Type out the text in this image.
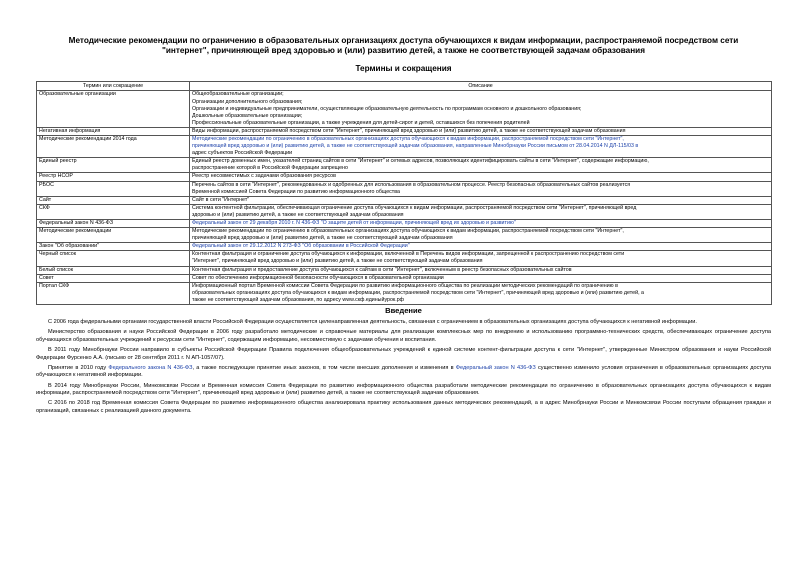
Методические рекомендации по ограничению в образовательных организациях доступа обучающихся к видам информации, распространяемой посредством сети
"интернет", причиняющей вред здоровью и (или) развитию детей, а также не соответствующей задачам образования
Термины и сокращения
Термин или сокращение	Описание
Образовательные организации	Общеобразовательные организации;
Организации дополнительного образования;
Организации и индивидуальные предприниматели, осуществляющие образовательную деятельность по программам основного и дошкольного образования;
Дошкольные образовательные организации;
Профессиональные образовательные организации, а также учреждения для детей-сирот и детей, оставшихся без попечения родителей

Негативная информация	Виды информации, распространяемой посредством сети "Интернет", причиняющей вред здоровью и (или) развитию детей, а также не соответствующей задачам образования

Методические рекомендации 2014 года	Методические рекомендации по ограничению в образовательных организациях доступа обучающихся к видам информации, распространяемой посредством сети "Интернет",
причиняющей вред здоровью и (или) развитию детей, а также не соответствующей задачам образования, направленные Минобрнауки России письмом от 28.04.2014 N ДЛ-115/03 в
адрес субъектов Российской Федерации

Единый реестр	Единый реестр доменных имен, указателей страниц сайтов в сети "Интернет" и сетевых адресов, позволяющих идентифицировать сайты в сети "Интернет", содержащие информацию,
распространение которой в Российской Федерации запрещено

Реестр НСОР	Реестр несовместимых с задачами образования ресурсов

РБОС	Перечень сайтов в сети "Интернет", рекомендованных и одобренных для использования в образовательном процессе. Реестр безопасных образовательных сайтов реализуется
Временной комиссией Совета Федерации по развитию информационного общества

Сайт	Сайт в сети "Интернет"

СКФ	Система контентной фильтрации, обеспечивающая ограничение доступа обучающихся к видам информации, распространяемой посредством сети "Интернет", причиняющей вред
здоровью и (или) развитию детей, а также не соответствующей задачам образования

Федеральный закон N 436-ФЗ	Федеральный закон от 29 декабря 2010 г. N 436-ФЗ "О защите детей от информации, причиняющей вред их здоровью и развитию"

Методические рекомендации	Методические рекомендации по ограничению в образовательных организациях доступа обучающихся к видам информации, распространяемой посредством сети "Интернет",
причиняющей вред здоровью и (или) развитию детей, а также не соответствующей задачам образования

Закон "Об образовании"	Федеральный закон от 29.12.2012 N 273-ФЗ "Об образовании в Российской Федерации"

Черный список	Контентная фильтрация и ограничение доступа обучающихся к информации, включенной в Перечень видов информации, запрещенной к распространению посредством сети
"Интернет", причиняющей вред здоровью и (или) развитию детей, а также не соответствующей задачам образования

Белый список	Контентная фильтрация и предоставление доступа обучающихся к сайтам в сети "Интернет", включенным в реестр безопасных образовательных сайтов

Совет	Совет по обеспечению информационной безопасности обучающихся в образовательной организации

Портал СКФ	Информационный портал Временной комиссии Совета Федерации по развитию информационного общества по реализации методических рекомендаций по ограничению в
образовательных организациях доступа обучающихся к видам информации, распространяемой посредством сети "Интернет", причиняющей вред здоровью и (или) развитию детей, а
также не соответствующей задачам образования, по адресу www.скф.единыйурок.рф
Введение

С 2006 года федеральными органами государственной власти Российской Федерации осуществляется целенаправленная деятельность, связанная с ограничением в образовательных организациях доступа обучающихся к негативной информации.

Министерство образования и науки Российской Федерации в 2006 году разработало методические и справочные материалы для реализации комплексных мер по внедрению и использованию программно-технических средств, обеспечивающих ограничение доступа обучающихся образовательных учреждений к ресурсам сети "Интернет", содержащим информацию, несовместимую с задачами обучения и воспитания.

В 2011 году Минобрнауки России направило в субъекты Российской Федерации Правила подключения общеобразовательных учреждений к единой системе контент-фильтрации доступа к сети "Интернет", утвержденные Министром образования и науки Российской Федерации Фурсенко А.А. (письмо от 28 сентября 2011 г. N АП-1057/07).

Принятие в 2010 году Федерального закона N 436-ФЗ, а также последующие принятие иных законов, в том числе внесших дополнения и изменения в Федеральный закон N 436-ФЗ существенно изменило условия ограничения в образовательных организациях доступа обучающихся к негативной информации.

В 2014 году Минобрнауки России, Минкомсвязи России и Временная комиссия Совета Федерации по развитию информационного общества разработали методические рекомендации по ограничению в образовательных организациях доступа обучающихся к видам информации, распространяемой посредством сети "Интернет", причиняющей вред здоровью и (или) развитию детей, а также не соответствующей задачам образования.

С 2016 по 2018 год Временная комиссия Совета Федерации по развитию информационного общества анализировала практику использования данных методических рекомендаций, а в адрес Минобрнауки России и Минкомсвязи России поступали обращения граждан и организаций, связанных с реализацией данного документа.
